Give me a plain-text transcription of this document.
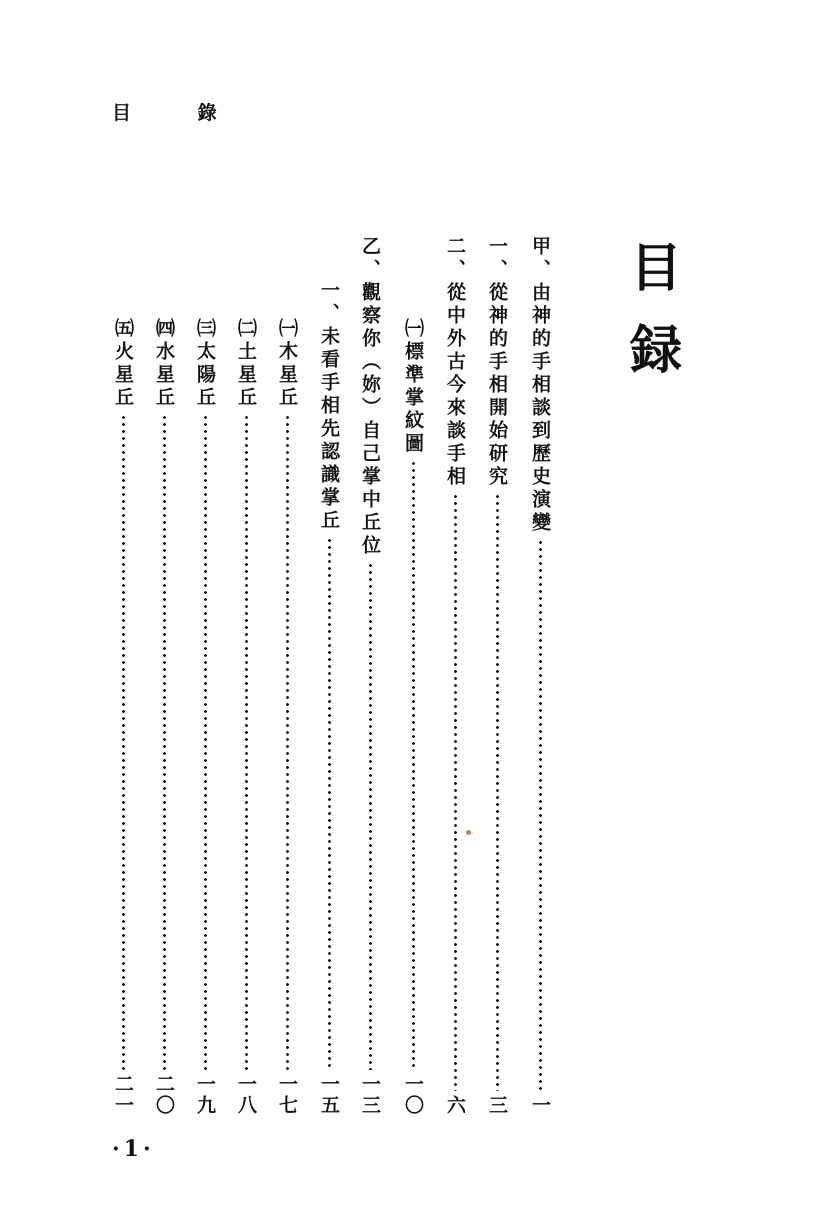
目 錄
目
録
甲、由神的手相談到歷史演變
一
一、從神的手相開始研究
三
二、從中外古今來談手相
六
㈠標準掌紋圖
一〇
乙、觀察你（妳）自己掌中丘位
一三
一、未看手相先認識掌丘
一五
㈠木星丘
一七
㈡土星丘
一八
㈢太陽丘
一九
㈣水星丘
二〇
㈤火星丘
二一
·1·
